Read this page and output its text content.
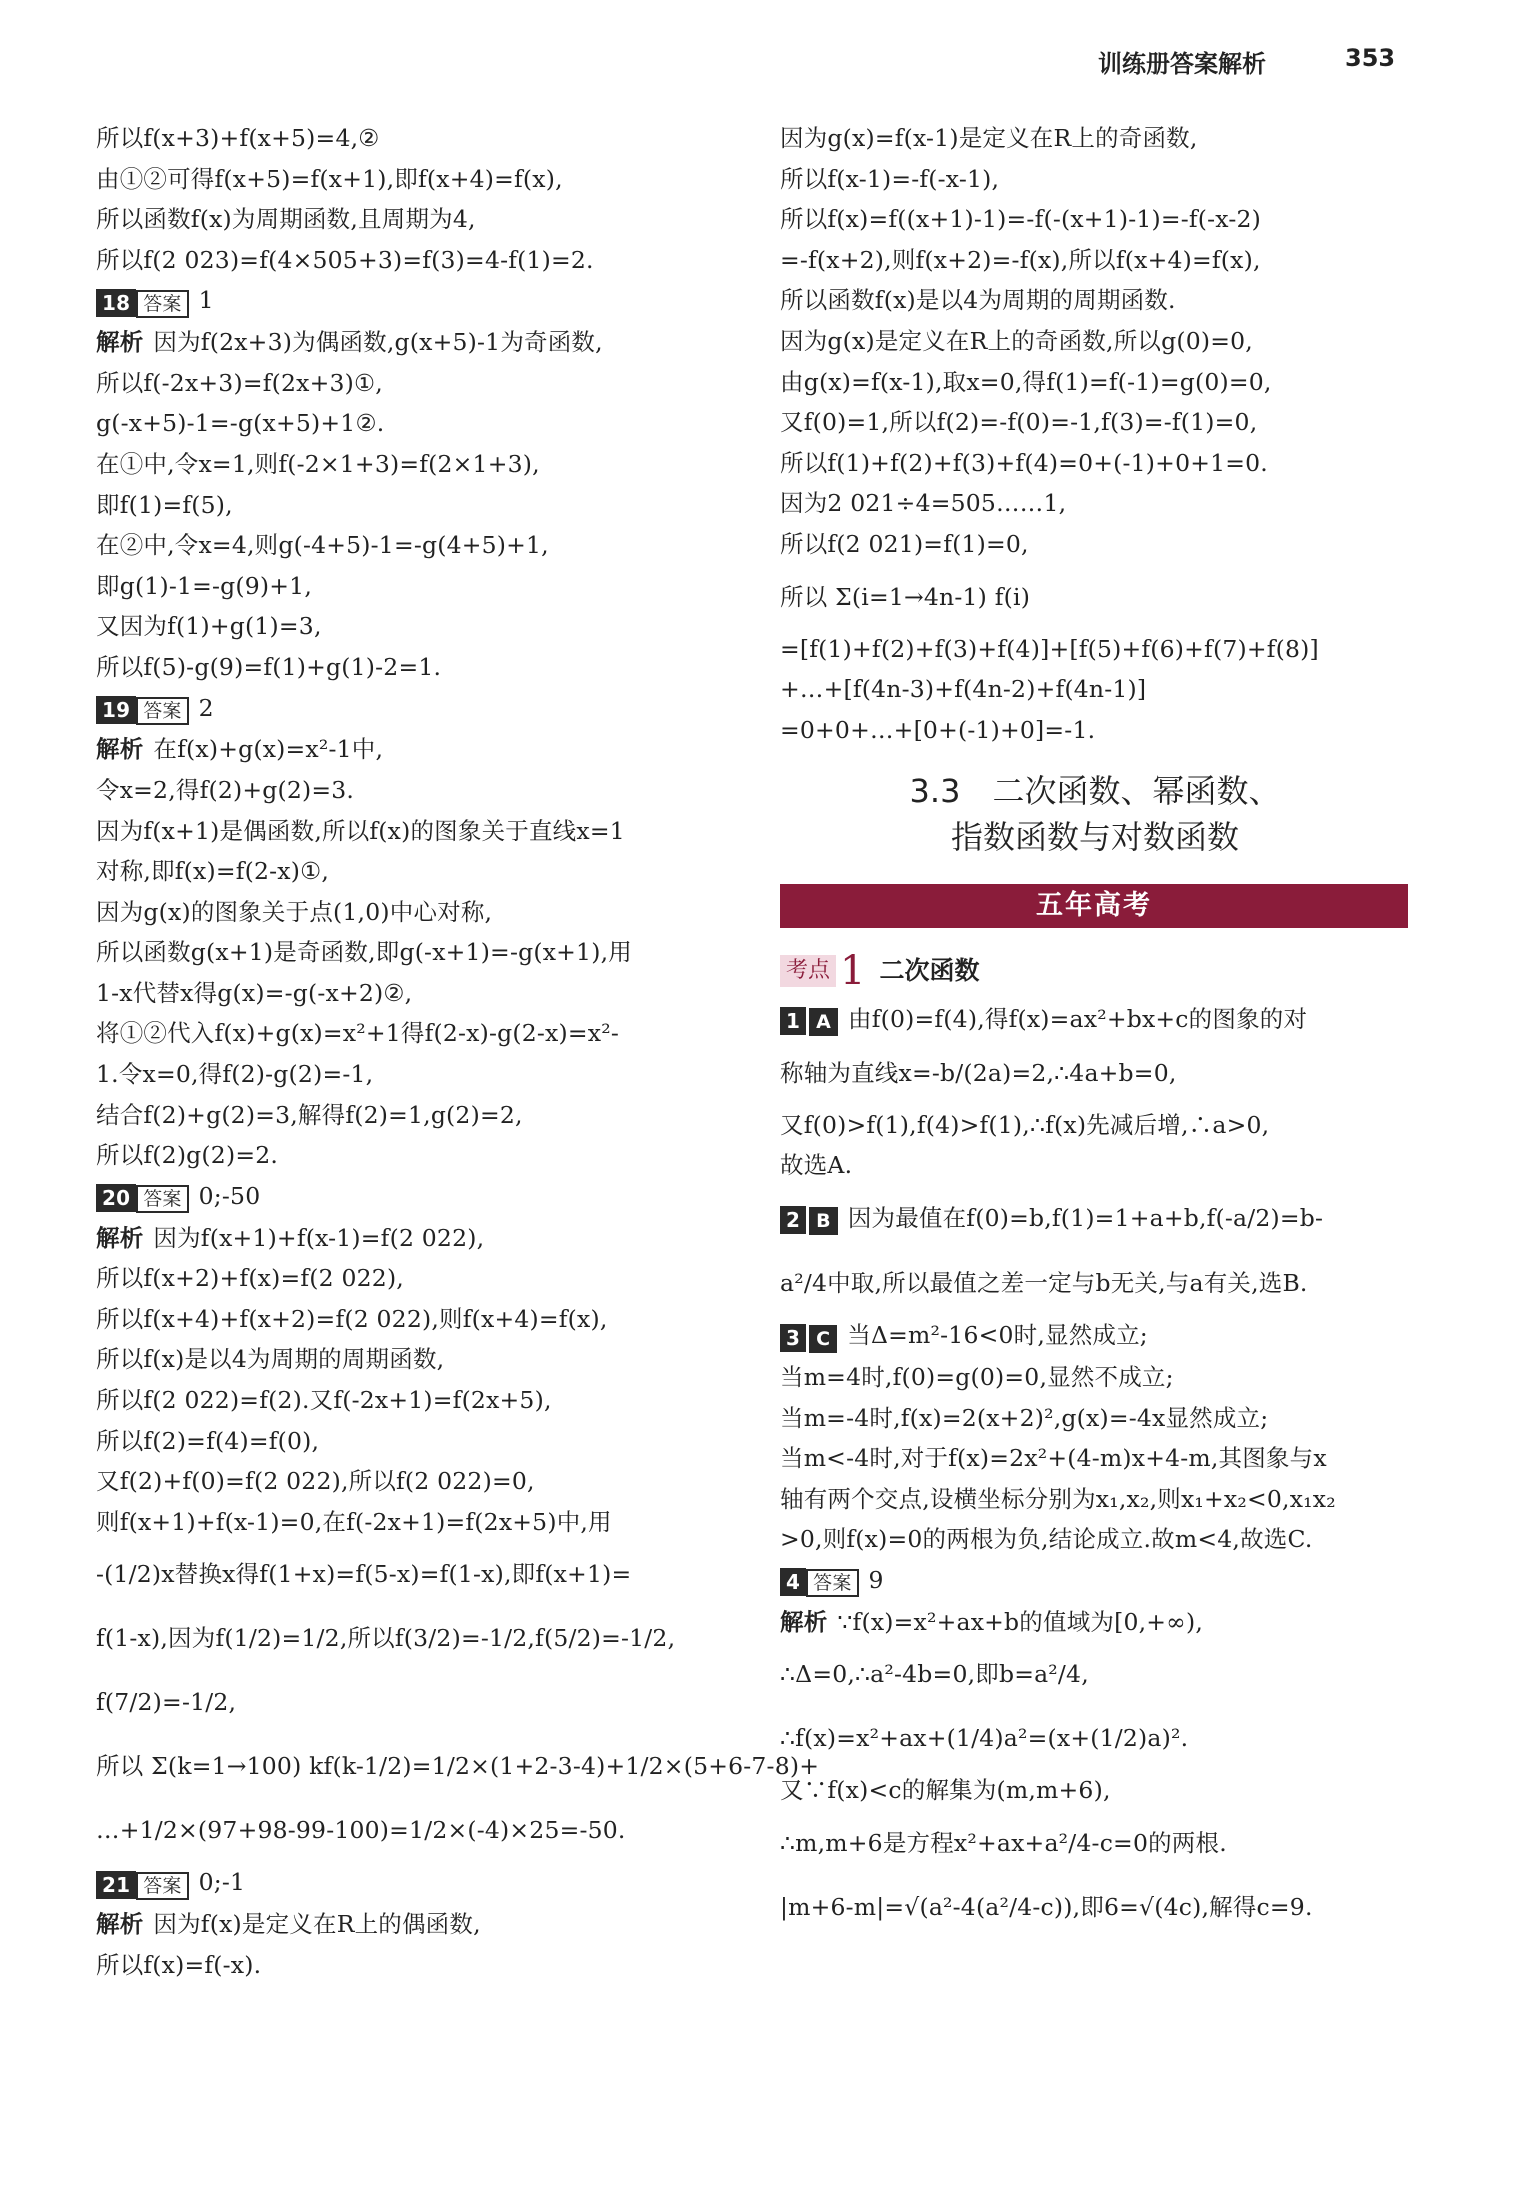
训练册答案解析	353
所以f(x+3)+f(x+5)=4,②
由①②可得f(x+5)=f(x+1),即f(x+4)=f(x),
所以函数f(x)为周期函数,且周期为4,
所以f(2 023)=f(4×505+3)=f(3)=4-f(1)=2.
18 答案 1
解析 因为f(2x+3)为偶函数,g(x+5)-1为奇函数,
所以f(-2x+3)=f(2x+3)①,
g(-x+5)-1=-g(x+5)+1②.
在①中,令x=1,则f(-2×1+3)=f(2×1+3),
即f(1)=f(5),
在②中,令x=4,则g(-4+5)-1=-g(4+5)+1,
即g(1)-1=-g(9)+1,
又因为f(1)+g(1)=3,
所以f(5)-g(9)=f(1)+g(1)-2=1.
19 答案 2
解析 在f(x)+g(x)=x²-1中,
令x=2,得f(2)+g(2)=3.
因为f(x+1)是偶函数,所以f(x)的图象关于直线x=1
对称,即f(x)=f(2-x)①,
因为g(x)的图象关于点(1,0)中心对称,
所以函数g(x+1)是奇函数,即g(-x+1)=-g(x+1),用
1-x代替x得g(x)=-g(-x+2)②,
将①②代入f(x)+g(x)=x²+1得f(2-x)-g(2-x)=x²-
1.令x=0,得f(2)-g(2)=-1,
结合f(2)+g(2)=3,解得f(2)=1,g(2)=2,
所以f(2)g(2)=2.
20 答案 0;-50
解析 因为f(x+1)+f(x-1)=f(2 022),
所以f(x+2)+f(x)=f(2 022),
所以f(x+4)+f(x+2)=f(2 022),则f(x+4)=f(x),
所以f(x)是以4为周期的周期函数,
所以f(2 022)=f(2).又f(-2x+1)=f(2x+5),
所以f(2)=f(4)=f(0),
又f(2)+f(0)=f(2 022),所以f(2 022)=0,
则f(x+1)+f(x-1)=0,在f(-2x+1)=f(2x+5)中,用
-(1/2)x替换x得f(1+x)=f(5-x)=f(1-x),即f(x+1)=
f(1-x),因为f(1/2)=1/2,所以f(3/2)=-1/2,f(5/2)=-1/2,
f(7/2)=-1/2,
所以 Σ(k=1→100) kf(k-1/2)=1/2×(1+2-3-4)+1/2×(5+6-7-8)+
…+1/2×(97+98-99-100)=1/2×(-4)×25=-50.
21 答案 0;-1
解析 因为f(x)是定义在R上的偶函数,
所以f(x)=f(-x).
因为g(x)=f(x-1)是定义在R上的奇函数,
所以f(x-1)=-f(-x-1),
所以f(x)=f((x+1)-1)=-f(-(x+1)-1)=-f(-x-2)
=-f(x+2),则f(x+2)=-f(x),所以f(x+4)=f(x),
所以函数f(x)是以4为周期的周期函数.
因为g(x)是定义在R上的奇函数,所以g(0)=0,
由g(x)=f(x-1),取x=0,得f(1)=f(-1)=g(0)=0,
又f(0)=1,所以f(2)=-f(0)=-1,f(3)=-f(1)=0,
所以f(1)+f(2)+f(3)+f(4)=0+(-1)+0+1=0.
因为2 021÷4=505……1,
所以f(2 021)=f(1)=0,
所以 Σ(i=1→4n-1) f(i)
=[f(1)+f(2)+f(3)+f(4)]+[f(5)+f(6)+f(7)+f(8)]
+…+[f(4n-3)+f(4n-2)+f(4n-1)]
=0+0+…+[0+(-1)+0]=-1.
3.3　二次函数、幂函数、
指数函数与对数函数
五年高考
考点 1 二次函数
1 A 由f(0)=f(4),得f(x)=ax²+bx+c的图象的对
称轴为直线x=-b/(2a)=2,∴4a+b=0,
又f(0)>f(1),f(4)>f(1),∴f(x)先减后增,∴a>0,
故选A.
2 B 因为最值在f(0)=b,f(1)=1+a+b,f(-a/2)=b-
a²/4中取,所以最值之差一定与b无关,与a有关,选B.
3 C 当Δ=m²-16<0时,显然成立;
当m=4时,f(0)=g(0)=0,显然不成立;
当m=-4时,f(x)=2(x+2)²,g(x)=-4x显然成立;
当m<-4时,对于f(x)=2x²+(4-m)x+4-m,其图象与x
轴有两个交点,设横坐标分别为x₁,x₂,则x₁+x₂<0,x₁x₂
>0,则f(x)=0的两根为负,结论成立.故m<4,故选C.
4 答案 9
解析 ∵f(x)=x²+ax+b的值域为[0,+∞),
∴Δ=0,∴a²-4b=0,即b=a²/4,
∴f(x)=x²+ax+(1/4)a²=(x+(1/2)a)².
又∵f(x)<c的解集为(m,m+6),
∴m,m+6是方程x²+ax+a²/4-c=0的两根.
|m+6-m|=√(a²-4(a²/4-c)),即6=√(4c),解得c=9.
